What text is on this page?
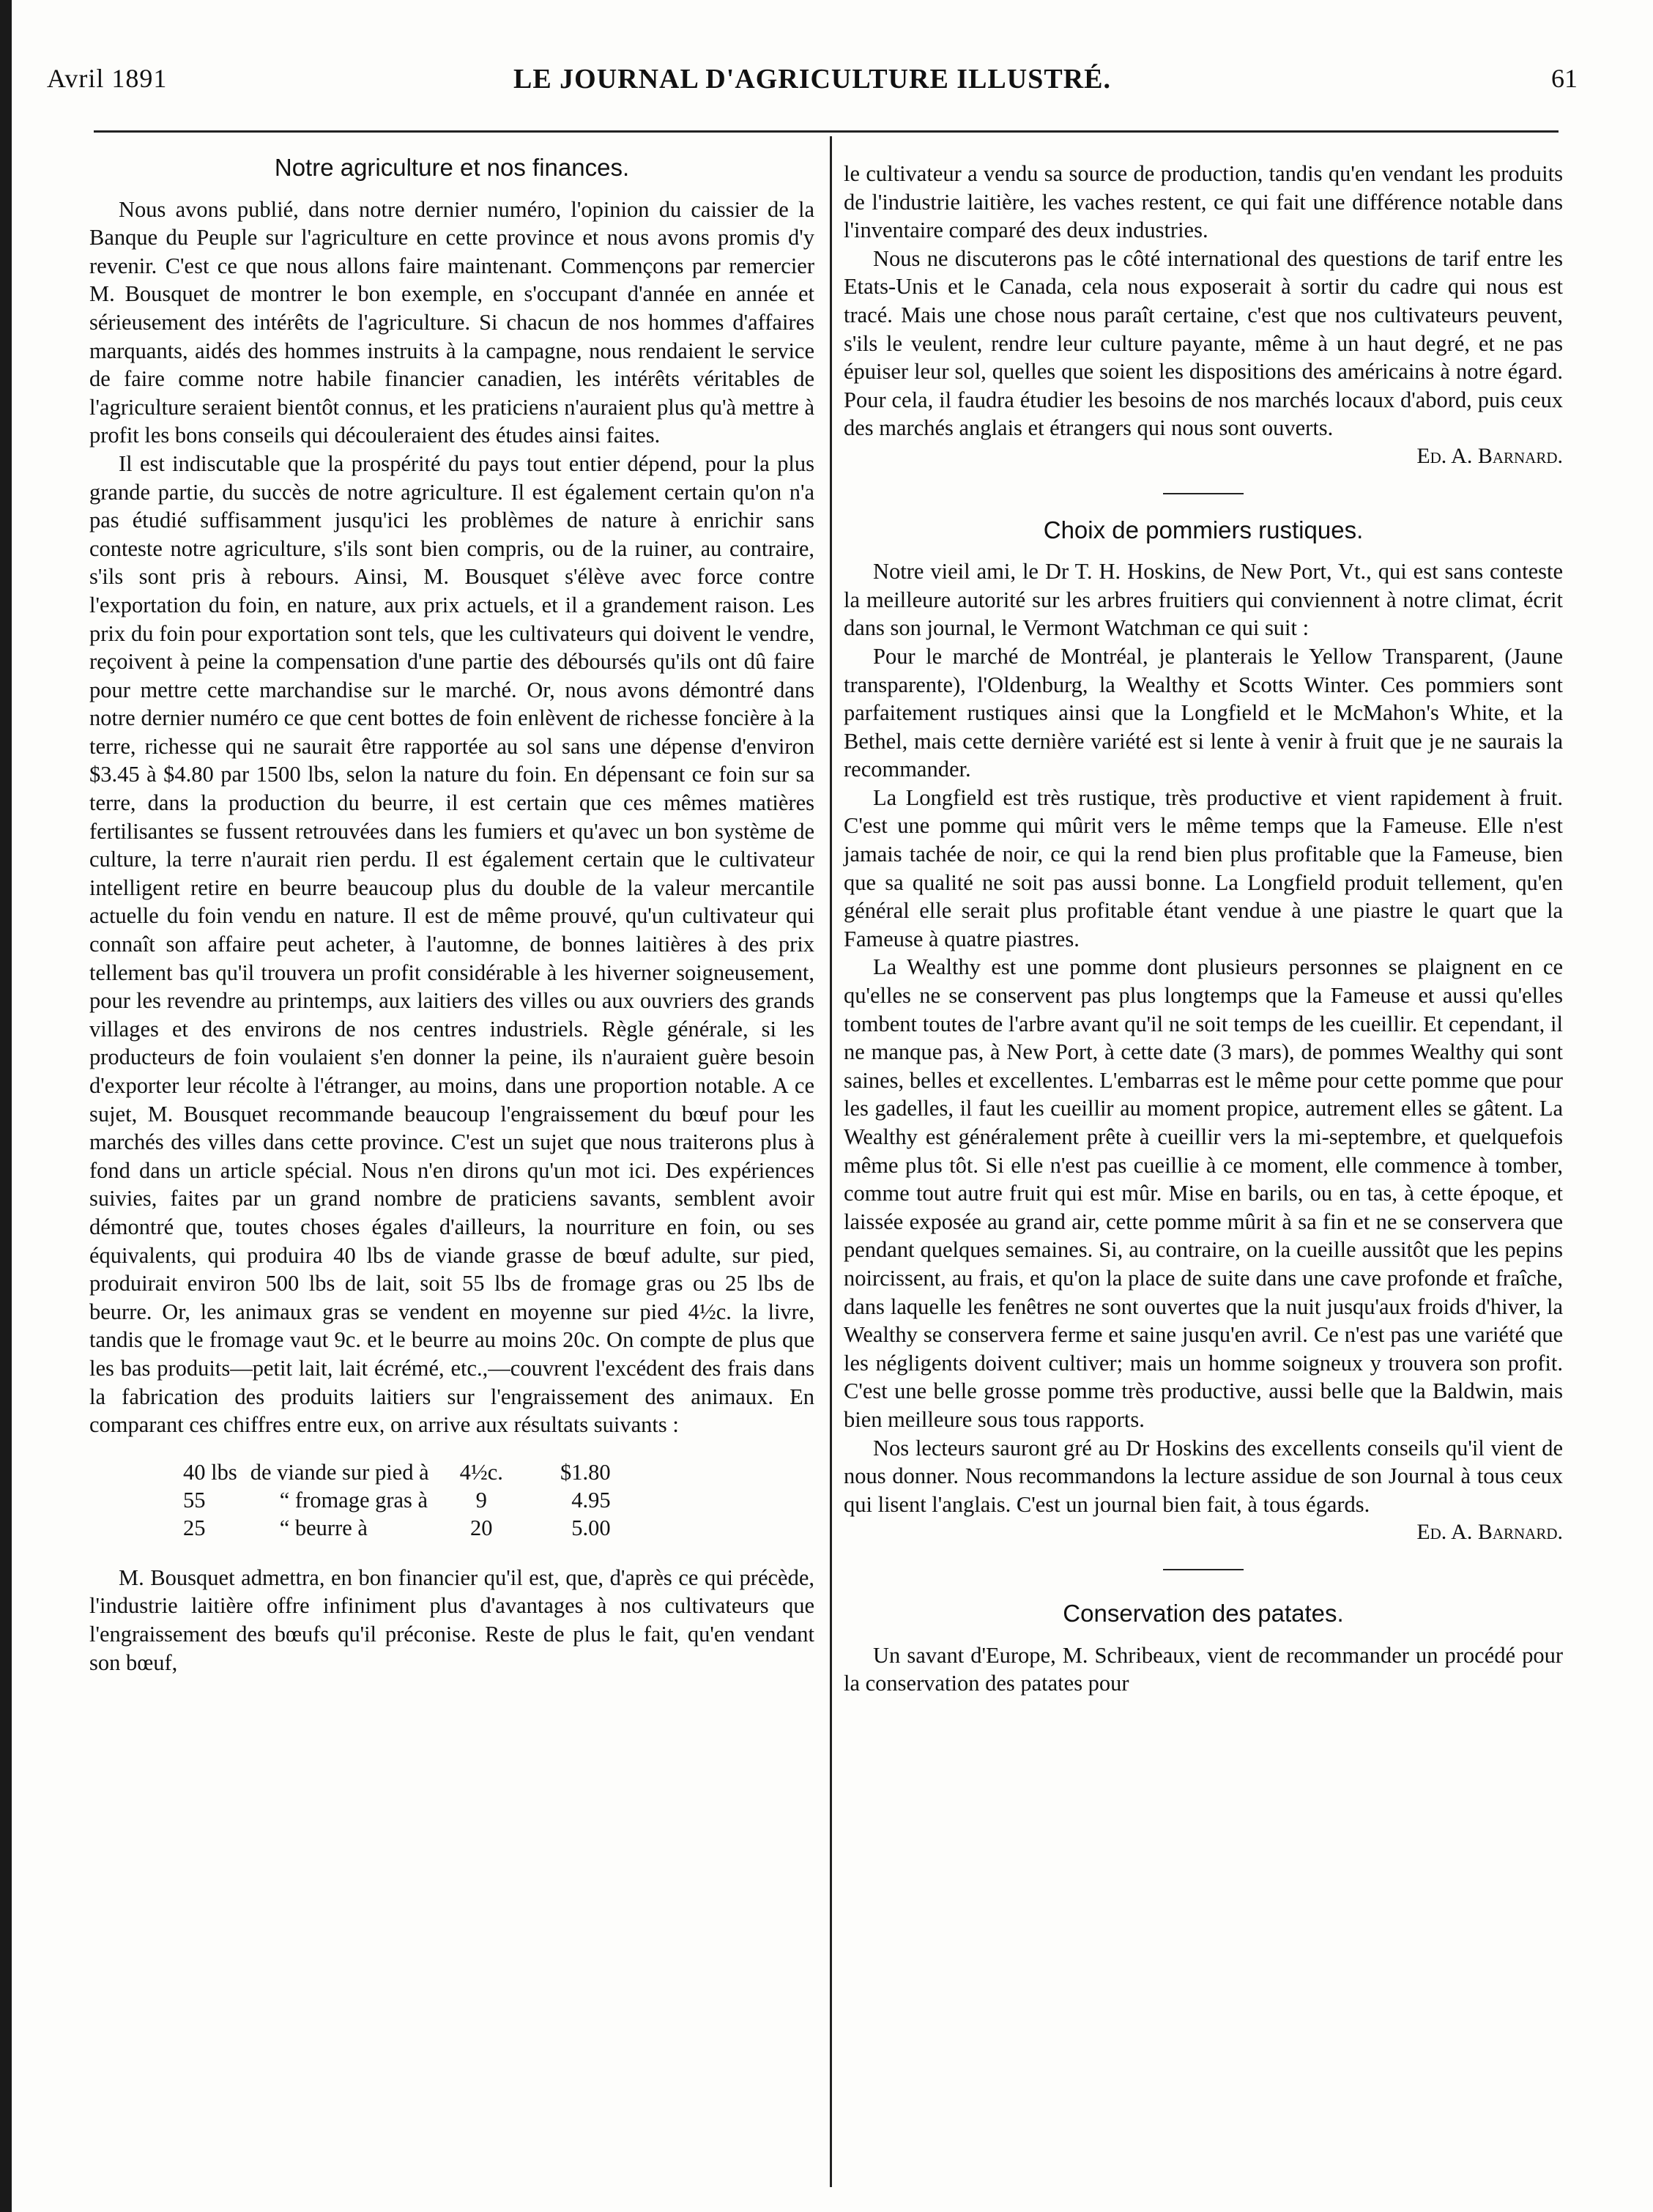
Avril 1891	LE JOURNAL D'AGRICULTURE ILLUSTRÉ.	61
Notre agriculture et nos finances.

Nous avons publié, dans notre dernier numéro, l'opinion du caissier de la Banque du Peuple sur l'agriculture en cette province et nous avons promis d'y revenir. C'est ce que nous allons faire maintenant. Commençons par remercier M. Bousquet de montrer le bon exemple, en s'occupant d'année en année et sérieusement des intérêts de l'agriculture. Si chacun de nos hommes d'affaires marquants, aidés des hommes instruits à la campagne, nous rendaient le service de faire comme notre habile financier canadien, les intérêts véritables de l'agriculture seraient bientôt connus, et les praticiens n'auraient plus qu'à mettre à profit les bons conseils qui découleraient des études ainsi faites.

Il est indiscutable que la prospérité du pays tout entier dépend, pour la plus grande partie, du succès de notre agriculture. Il est également certain qu'on n'a pas étudié suffisamment jusqu'ici les problèmes de nature à enrichir sans conteste notre agriculture, s'ils sont bien compris, ou de la ruiner, au contraire, s'ils sont pris à rebours. Ainsi, M. Bousquet s'élève avec force contre l'exportation du foin, en nature, aux prix actuels, et il a grandement raison. Les prix du foin pour exportation sont tels, que les cultivateurs qui doivent le vendre, reçoivent à peine la compensation d'une partie des déboursés qu'ils ont dû faire pour mettre cette marchandise sur le marché. Or, nous avons démontré dans notre dernier numéro ce que cent bottes de foin enlèvent de richesse foncière à la terre, richesse qui ne saurait être rapportée au sol sans une dépense d'environ $3.45 à $4.80 par 1500 lbs, selon la nature du foin. En dépensant ce foin sur sa terre, dans la production du beurre, il est certain que ces mêmes matières fertilisantes se fussent retrouvées dans les fumiers et qu'avec un bon système de culture, la terre n'aurait rien perdu. Il est également certain que le cultivateur intelligent retire en beurre beaucoup plus du double de la valeur mercantile actuelle du foin vendu en nature. Il est de même prouvé, qu'un cultivateur qui connaît son affaire peut acheter, à l'automne, de bonnes laitières à des prix tellement bas qu'il trouvera un profit considérable à les hiverner soigneusement, pour les revendre au printemps, aux laitiers des villes ou aux ouvriers des grands villages et des environs de nos centres industriels. Règle générale, si les producteurs de foin voulaient s'en donner la peine, ils n'auraient guère besoin d'exporter leur récolte à l'étranger, au moins, dans une proportion notable. A ce sujet, M. Bousquet recommande beaucoup l'engraissement du bœuf pour les marchés des villes dans cette province. C'est un sujet que nous traiterons plus à fond dans un article spécial. Nous n'en dirons qu'un mot ici. Des expériences suivies, faites par un grand nombre de praticiens savants, semblent avoir démontré que, toutes choses égales d'ailleurs, la nourriture en foin, ou ses équivalents, qui produira 40 lbs de viande grasse de bœuf adulte, sur pied, produirait environ 500 lbs de lait, soit 55 lbs de fromage gras ou 25 lbs de beurre. Or, les animaux gras se vendent en moyenne sur pied 4½c. la livre, tandis que le fromage vaut 9c. et le beurre au moins 20c. On compte de plus que les bas produits—petit lait, lait écrémé, etc.,—couvrent l'excédent des frais dans la fabrication des produits laitiers sur l'engraissement des animaux. En comparant ces chiffres entre eux, on arrive aux résultats suivants :

40 lbs	de viande sur pied à	4½c.	$1.80
55	“ fromage gras à	9	4.95
25	“ beurre à	20	5.00

M. Bousquet admettra, en bon financier qu'il est, que, d'après ce qui précède, l'industrie laitière offre infiniment plus d'avantages à nos cultivateurs que l'engraissement des bœufs qu'il préconise. Reste de plus le fait, qu'en vendant son bœuf,

le cultivateur a vendu sa source de production, tandis qu'en vendant les produits de l'industrie laitière, les vaches restent, ce qui fait une différence notable dans l'inventaire comparé des deux industries.

Nous ne discuterons pas le côté international des questions de tarif entre les Etats-Unis et le Canada, cela nous exposerait à sortir du cadre qui nous est tracé. Mais une chose nous paraît certaine, c'est que nos cultivateurs peuvent, s'ils le veulent, rendre leur culture payante, même à un haut degré, et ne pas épuiser leur sol, quelles que soient les dispositions des américains à notre égard. Pour cela, il faudra étudier les besoins de nos marchés locaux d'abord, puis ceux des marchés anglais et étrangers qui nous sont ouverts.

Ed. A. Barnard.

Choix de pommiers rustiques.

Notre vieil ami, le Dr T. H. Hoskins, de New Port, Vt., qui est sans conteste la meilleure autorité sur les arbres fruitiers qui conviennent à notre climat, écrit dans son journal, le Vermont Watchman ce qui suit :

Pour le marché de Montréal, je planterais le Yellow Transparent, (Jaune transparente), l'Oldenburg, la Wealthy et Scotts Winter. Ces pommiers sont parfaitement rustiques ainsi que la Longfield et le McMahon's White, et la Bethel, mais cette dernière variété est si lente à venir à fruit que je ne saurais la recommander.

La Longfield est très rustique, très productive et vient rapidement à fruit. C'est une pomme qui mûrit vers le même temps que la Fameuse. Elle n'est jamais tachée de noir, ce qui la rend bien plus profitable que la Fameuse, bien que sa qualité ne soit pas aussi bonne. La Longfield produit tellement, qu'en général elle serait plus profitable étant vendue à une piastre le quart que la Fameuse à quatre piastres.

La Wealthy est une pomme dont plusieurs personnes se plaignent en ce qu'elles ne se conservent pas plus longtemps que la Fameuse et aussi qu'elles tombent toutes de l'arbre avant qu'il ne soit temps de les cueillir. Et cependant, il ne manque pas, à New Port, à cette date (3 mars), de pommes Wealthy qui sont saines, belles et excellentes. L'embarras est le même pour cette pomme que pour les gadelles, il faut les cueillir au moment propice, autrement elles se gâtent. La Wealthy est généralement prête à cueillir vers la mi-septembre, et quelquefois même plus tôt. Si elle n'est pas cueillie à ce moment, elle commence à tomber, comme tout autre fruit qui est mûr. Mise en barils, ou en tas, à cette époque, et laissée exposée au grand air, cette pomme mûrit à sa fin et ne se conservera que pendant quelques semaines. Si, au contraire, on la cueille aussitôt que les pepins noircissent, au frais, et qu'on la place de suite dans une cave profonde et fraîche, dans laquelle les fenêtres ne sont ouvertes que la nuit jusqu'aux froids d'hiver, la Wealthy se conservera ferme et saine jusqu'en avril. Ce n'est pas une variété que les négligents doivent cultiver; mais un homme soigneux y trouvera son profit. C'est une belle grosse pomme très productive, aussi belle que la Baldwin, mais bien meilleure sous tous rapports.

Nos lecteurs sauront gré au Dr Hoskins des excellents conseils qu'il vient de nous donner. Nous recommandons la lecture assidue de son Journal à tous ceux qui lisent l'anglais. C'est un journal bien fait, à tous égards.

Ed. A. Barnard.

Conservation des patates.

Un savant d'Europe, M. Schribeaux, vient de recommander un procédé pour la conservation des patates pour
